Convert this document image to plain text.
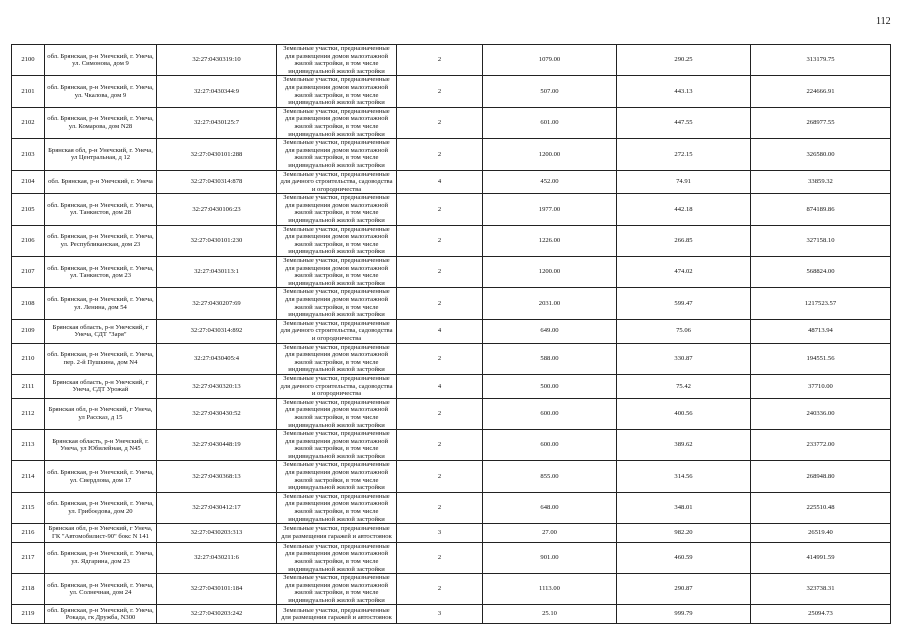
112
2100	обл. Брянская, р-н Унечский, г. Унеча, ул. Симонова, дом 9	32:27:0430319:10	Земельные участки, предназначенные для размещения домов малоэтажной жилой застройки, в том числе индивидуальной жилой застройки	2	1079.00	290.25	313179.75
2101	обл. Брянская, р-н Унечский, г. Унеча, ул. Чкалова, дом 9	32:27:0430344:9	Земельные участки, предназначенные для размещения домов малоэтажной жилой застройки, в том числе индивидуальной жилой застройки	2	507.00	443.13	224666.91
2102	обл. Брянская, р-н Унечский, г. Унеча, ул. Комарова, дом N28	32:27:0430125:7	Земельные участки, предназначенные для размещения домов малоэтажной жилой застройки, в том числе индивидуальной жилой застройки	2	601.00	447.55	268977.55
2103	Брянская обл, р-н Унечский, г. Унеча, ул Центральная, д 12	32:27:0430101:288	Земельные участки, предназначенные для размещения домов малоэтажной жилой застройки, в том числе индивидуальной жилой застройки	2	1200.00	272.15	326580.00
2104	обл. Брянская, р-н Унечский, г. Унеча	32:27:0430314:878	Земельные участки, предназначенные для дачного строительства, садоводства и огородничества	4	452.00	74.91	33859.32
2105	обл. Брянская, р-н Унечский, г. Унеча, ул. Танкистов, дом 28	32:27:0430106:23	Земельные участки, предназначенные для размещения домов малоэтажной жилой застройки, в том числе индивидуальной жилой застройки	2	1977.00	442.18	874189.86
2106	обл. Брянская, р-н Унечский, г. Унеча, ул. Республиканская, дом 23	32:27:0430101:230	Земельные участки, предназначенные для размещения домов малоэтажной жилой застройки, в том числе индивидуальной жилой застройки	2	1226.00	266.85	327158.10
2107	обл. Брянская, р-н Унечский, г. Унеча, ул. Танкистов, дом 23	32:27:0430113:1	Земельные участки, предназначенные для размещения домов малоэтажной жилой застройки, в том числе индивидуальной жилой застройки	2	1200.00	474.02	568824.00
2108	обл. Брянская, р-н Унечский, г. Унеча, ул. Ленина, дом 54	32:27:0430207:69	Земельные участки, предназначенные для размещения домов малоэтажной жилой застройки, в том числе индивидуальной жилой застройки	2	2031.00	599.47	1217523.57
2109	Брянская область, р-н Унечский, г Унеча, СДТ "Заря"	32:27:0430314:892	Земельные участки, предназначенные для дачного строительства, садоводства и огородничества	4	649.00	75.06	48713.94
2110	обл. Брянская, р-н Унечский, г. Унеча, пер. 2-й Пушкина, дом N4	32:27:0430405:4	Земельные участки, предназначенные для размещения домов малоэтажной жилой застройки, в том числе индивидуальной жилой застройки	2	588.00	330.87	194551.56
2111	Брянская область, р-н Унечский, г Унеча, СДТ Урожай	32:27:0430320:13	Земельные участки, предназначенные для дачного строительства, садоводства и огородничества	4	500.00	75.42	37710.00
2112	Брянская обл, р-н Унечский, г Унеча, ул Рассказ, д 15	32:27:0430430:52	Земельные участки, предназначенные для размещения домов малоэтажной жилой застройки, в том числе индивидуальной жилой застройки	2	600.00	400.56	240336.00
2113	Брянская область, р-н Унечский, г. Унеча, ул Юбилейная, д N45	32:27:0430448:19	Земельные участки, предназначенные для размещения домов малоэтажной жилой застройки, в том числе индивидуальной жилой застройки	2	600.00	389.62	233772.00
2114	обл. Брянская, р-н Унечский, г. Унеча, ул. Свердлова, дом 17	32:27:0430368:13	Земельные участки, предназначенные для размещения домов малоэтажной жилой застройки, в том числе индивидуальной жилой застройки	2	855.00	314.56	268948.80
2115	обл. Брянская, р-н Унечский, г. Унеча, ул. Грибоедова, дом 20	32:27:0430412:17	Земельные участки, предназначенные для размещения домов малоэтажной жилой застройки, в том числе индивидуальной жилой застройки	2	648.00	348.01	225510.48
2116	Брянская обл, р-н Унечский, г Унеча, ГК "Автомобилист-90" бокс N 141	32:27:0430203:313	Земельные участки, предназначенные для размещения гаражей и автостоянок	3	27.00	982.20	26519.40
2117	обл. Брянская, р-н Унечский, г. Унеча, ул. Ядгарина, дом 23	32:27:0430211:6	Земельные участки, предназначенные для размещения домов малоэтажной жилой застройки, в том числе индивидуальной жилой застройки	2	901.00	460.59	414991.59
2118	обл. Брянская, р-н Унечский, г. Унеча, ул. Солнечная, дом 24	32:27:0430101:184	Земельные участки, предназначенные для размещения домов малоэтажной жилой застройки, в том числе индивидуальной жилой застройки	2	1113.00	290.87	323738.31
2119	обл. Брянская, р-н Унечский, г. Унеча, Рокада, гк Дружба, N300	32:27:0430203:242	Земельные участки, предназначенные для размещения гаражей и автостоянок	3	25.10	999.79	25094.73
